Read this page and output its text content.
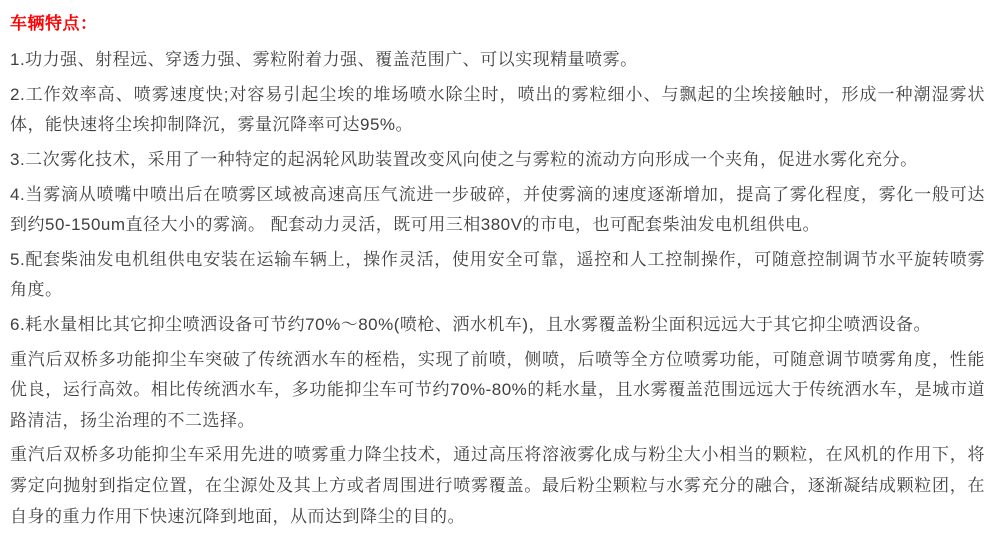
车辆特点：

1.功力强、射程远、穿透力强、雾粒附着力强、覆盖范围广、可以实现精量喷雾。

2.工作效率高、喷雾速度快;对容易引起尘埃的堆场喷水除尘时，喷出的雾粒细小、与飘起的尘埃接触时，形成一种潮湿雾状体，能快速将尘埃抑制降沉，雾量沉降率可达95%。

3.二次雾化技术，采用了一种特定的起涡轮风助装置改变风向使之与雾粒的流动方向形成一个夹角，促进水雾化充分。

4.当雾滴从喷嘴中喷出后在喷雾区域被高速高压气流进一步破碎，并使雾滴的速度逐渐增加，提高了雾化程度，雾化一般可达到约50-150um直径大小的雾滴。 配套动力灵活，既可用三相380V的市电，也可配套柴油发电机组供电。

5.配套柴油发电机组供电安装在运输车辆上，操作灵活，使用安全可靠，遥控和人工控制操作，可随意控制调节水平旋转喷雾角度。

6.耗水量相比其它抑尘喷洒设备可节约70%～80%(喷枪、洒水机车)，且水雾覆盖粉尘面积远远大于其它抑尘喷洒设备。

重汽后双桥多功能抑尘车突破了传统洒水车的桎梏，实现了前喷，侧喷，后喷等全方位喷雾功能，可随意调节喷雾角度，性能优良，运行高效。相比传统洒水车，多功能抑尘车可节约70%-80%的耗水量，且水雾覆盖范围远远大于传统洒水车，是城市道路清洁，扬尘治理的不二选择。

重汽后双桥多功能抑尘车采用先进的喷雾重力降尘技术，通过高压将溶液雾化成与粉尘大小相当的颗粒，在风机的作用下，将雾定向抛射到指定位置，在尘源处及其上方或者周围进行喷雾覆盖。最后粉尘颗粒与水雾充分的融合，逐渐凝结成颗粒团，在自身的重力作用下快速沉降到地面，从而达到降尘的目的。
